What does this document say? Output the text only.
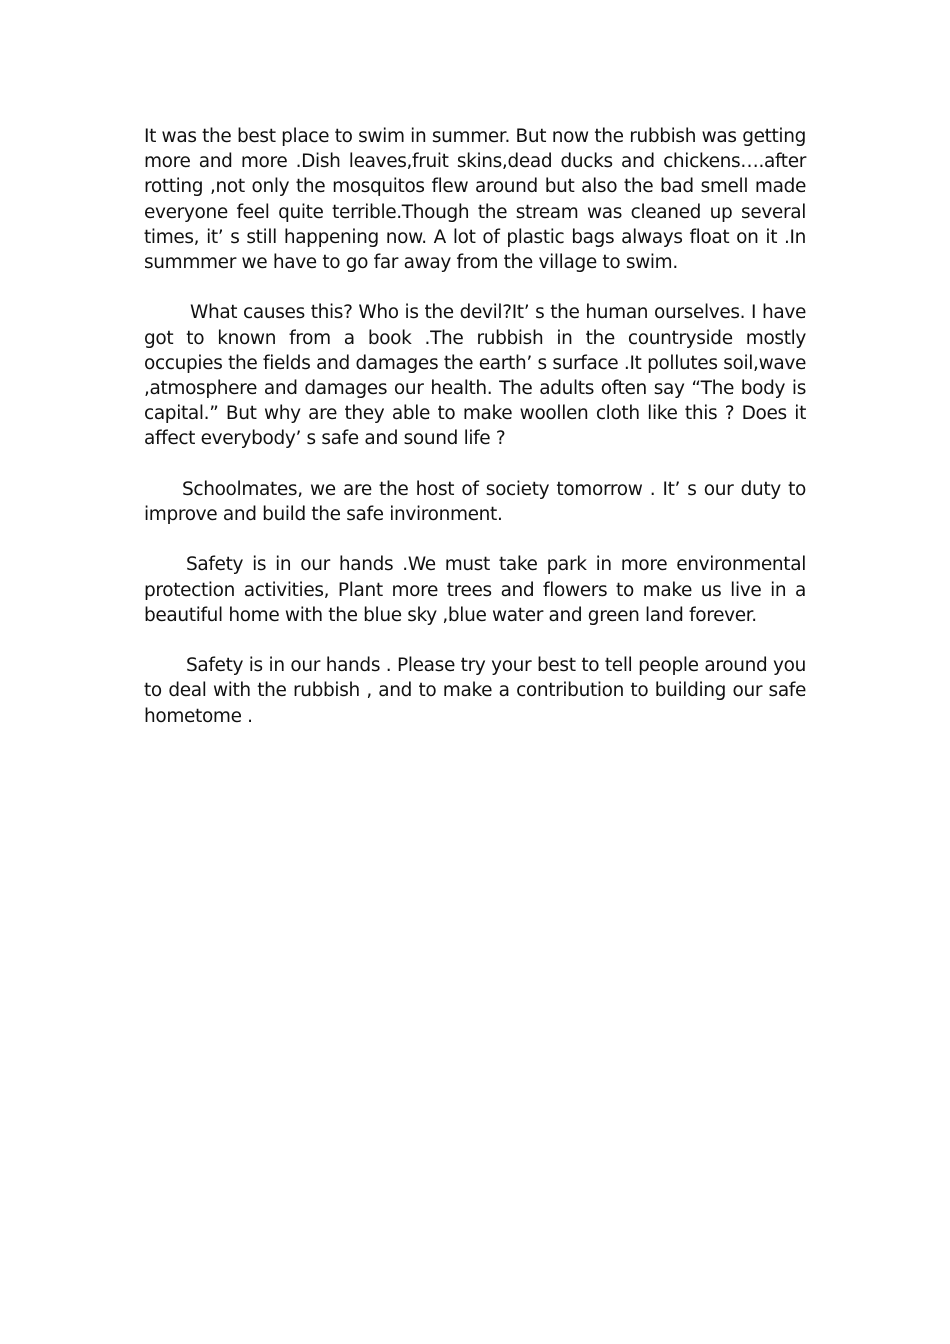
It was the best place to swim in summer. But now the rubbish was getting more and more .Dish leaves,fruit skins,dead ducks and chickens….after rotting ,not only the mosquitos flew around but also the bad smell made everyone feel quite terrible.Though the stream was cleaned up several times, it’ s still happening now. A lot of plastic bags always float on it .In summmer we have to go far away from the village to swim.

What causes this? Who is the devil?It’ s the human ourselves. I have got to known from a book .The rubbish in the countryside mostly occupies the fields and damages the earth’ s surface .It pollutes soil,wave ,atmosphere and damages our health. The adults often say “The body is capital.” But why are they able to make woollen cloth like this ? Does it affect everybody’ s safe and sound life ?

Schoolmates, we are the host of society tomorrow . It’ s our duty to improve and build the safe invironment.

Safety is in our hands .We must take park in more environmental protection activities, Plant more trees and flowers to make us live in a beautiful home with the blue sky ,blue water and green land forever.

Safety is in our hands . Please try your best to tell people around you to deal with the rubbish , and to make a contribution to building our safe hometome .
